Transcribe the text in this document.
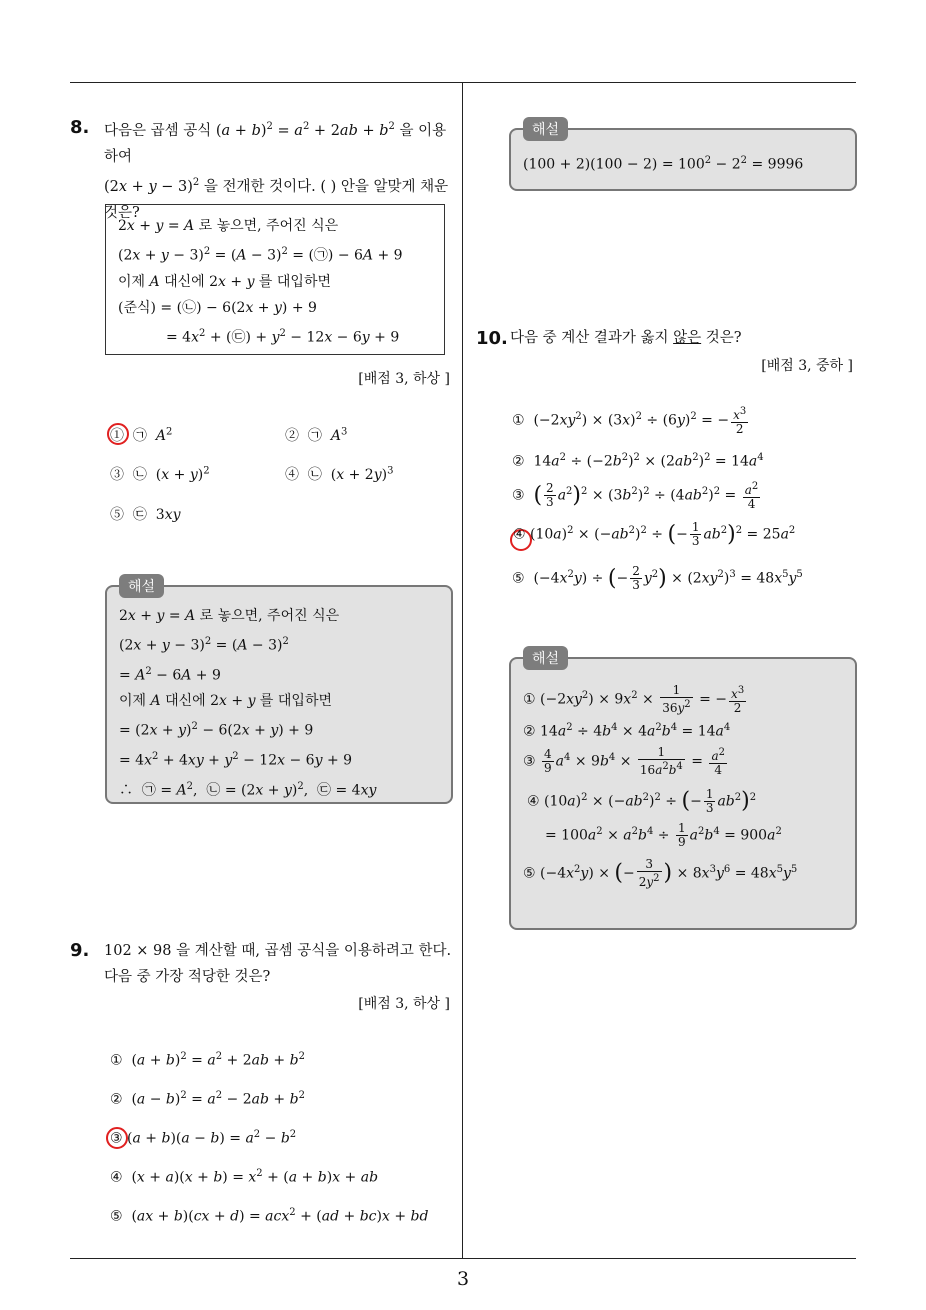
3
8. 다음은 곱셈 공식 $(a + b)^2 = a^2 + 2ab + b^2$ 을 이용하여
$(2x + y - 3)^2$ 을 전개한 것이다. ( ) 안을 알맞게 채운
것은?
2x + y = A 로 놓으면, 주어진 식은
$(2x + y - 3)^2 = (A - 3)^2$ = (㉠) − 6A + 9
이제 A 대신에 2x + y 를 대입하면
(준식) = (㉡) − 6(2x + y) + 9
= $4x^2$ + (㉢) + $y^2 - 12x - 6y + 9$
[배점 3, 하상 ]
①  ㉠  $A^2$	②  ㉠  $A^3$
③  ㉡  $(x + y)^2$	④  ㉡  $(x + 2y)^3$
⑤  ㉢  3xy
해설
2x + y = A 로 놓으면, 주어진 식은
$(2x + y - 3)^2 = (A - 3)^2$
= $A^2 - 6A + 9$
이제 A 대신에 2x + y 를 대입하면
= $(2x + y)^2 - 6(2x + y) + 9$
= $4x^2 + 4xy + y^2 - 12x - 6y + 9$
∴  ㉠ = $A^2$,  ㉡ = $(2x + y)^2$,  ㉢ = 4xy
9. 102 × 98 을 계산할 때, 곱셈 공식을 이용하려고 한다.
다음 중 가장 적당한 것은?
[배점 3, 하상 ]
①  $(a + b)^2 = a^2 + 2ab + b^2$
②  $(a - b)^2 = a^2 - 2ab + b^2$
③ $(a + b)(a - b) = a^2 - b^2$
④  $(x + a)(x + b) = x^2 + (a + b)x$ + ab
⑤  (ax + b)(cx + d) = acx$^2$ + (ad + bc)x + bd
해설
$(100 + 2)(100 - 2) = 100^2 - 2^2 = 9996$
10. 다음 중 계산 결과가 옳지 않은 것은?
[배점 3, 중하 ]
①  $(-2xy^2) \times (3x)^2 \div (6y)^2$ = − $\frac{x^3}{2}$
②  $14a^2 \div (-2b^2)^2 \times (2ab^2)^2 = 14a^4$
③  ( $\frac{2}{3} a^2)^2 \times (3b^2)^2 \div (4ab^2)^2 = \frac{a^2}{4}$
④ $(10a)^2 \times (-ab^2)^2$ ÷ (− $\frac{1}{3} ab^2)^2 = 25a^2$
⑤  $(-4x^2y)$ ÷ (− $\frac{2}{3} y^2) \times (2xy^2)^3 = 48x^5y^5$
해설
① $(-2xy^2) \times 9x^2 \times \frac{1}{36y^2}$ = − $\frac{x^3}{2}$
② $14a^2 \div 4b^4 \times 4a^2b^4 = 14a^4$
③ $\frac{4}{9} a^4 \times 9b^4 \times \frac{1}{16a^2b^4} = \frac{a^2}{4}$
④ $(10a)^2 \times (-ab^2)^2$ ÷ (− $\frac{1}{3} ab^2)^2$
= $100a^2 \times a^2b^4 \div \frac{1}{9} a^2b^4 = 900a^2$
⑤ $(-4x^2y)$ × (− $\frac{3}{2y^2}$ ) × $8x^3y^6 = 48x^5y^5$
